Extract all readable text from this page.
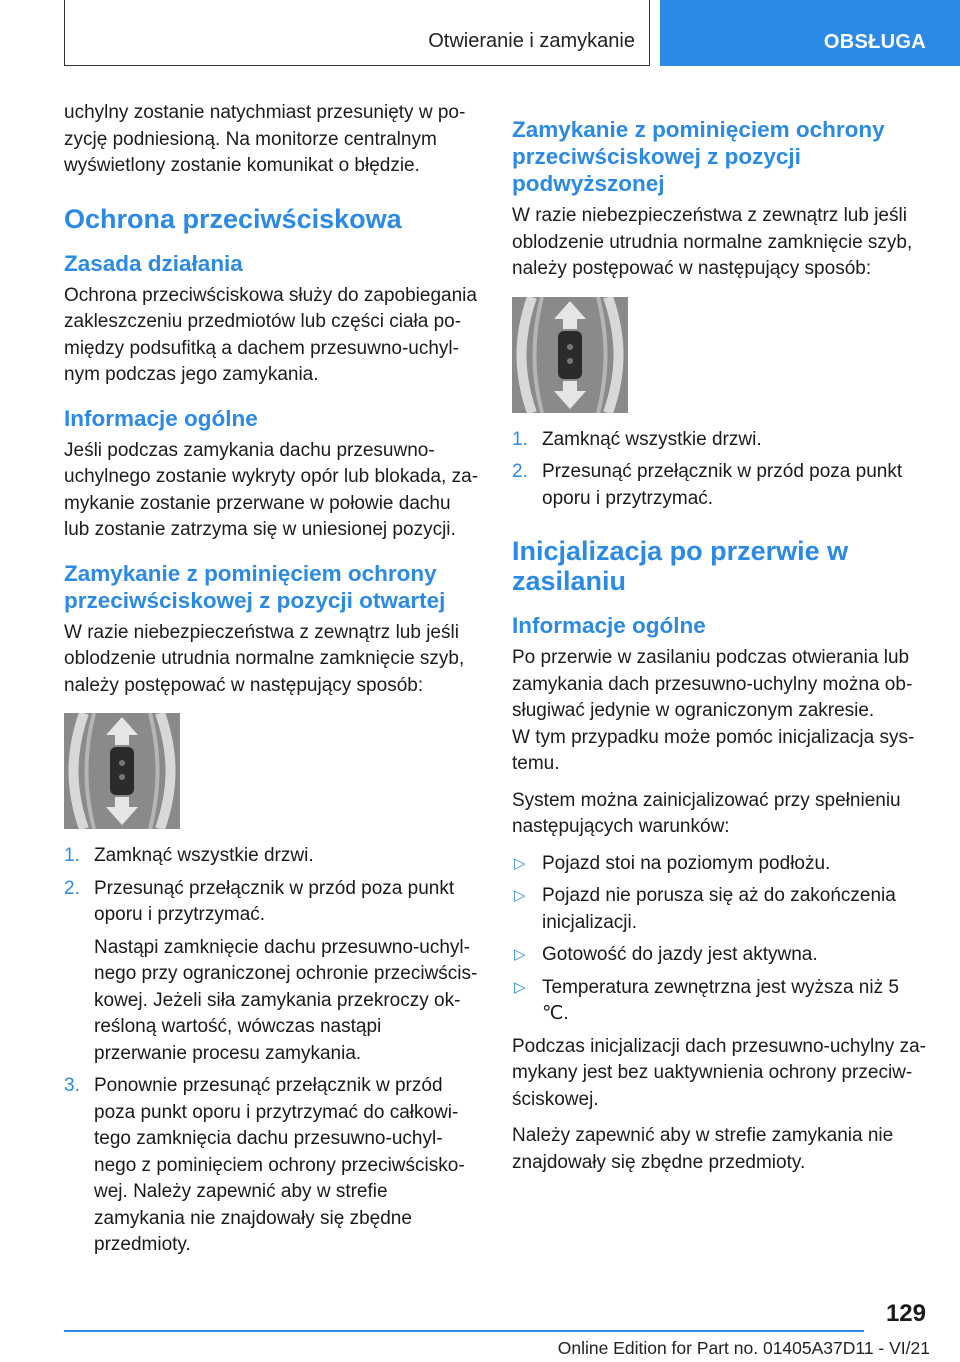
Otwieranie i zamykanie	OBSŁUGA

uchylny zostanie natychmiast przesunięty w pozycję podniesioną. Na monitorze centralnym wyświetlony zostanie komunikat o błędzie.

Ochrona przeciwściskowa
Zasada działania

Ochrona przeciwściskowa służy do zapobiegania zakleszczeniu przedmiotów lub części ciała pomiędzy podsufitką a dachem przesuwno-uchylnym podczas jego zamykania.

Informacje ogólne

Jeśli podczas zamykania dachu przesuwno-uchylnego zostanie wykryty opór lub blokada, zamykanie zostanie przerwane w połowie dachu lub zostanie zatrzyma się w uniesionej pozycji.

Zamykanie z pominięciem ochrony przeciwściskowej z pozycji otwartej

W razie niebezpieczeństwa z zewnątrz lub jeśli oblodzenie utrudnia normalne zamknięcie szyb, należy postępować w następujący sposób:

1. Zamknąć wszystkie drzwi.
2. Przesunąć przełącznik w przód poza punkt oporu i przytrzymać.
Nastąpi zamknięcie dachu przesuwno-uchylnego przy ograniczonej ochronie przeciwściskowej. Jeżeli siła zamykania przekroczy określoną wartość, wówczas nastąpi przerwanie procesu zamykania.
3. Ponownie przesunąć przełącznik w przód poza punkt oporu i przytrzymać do całkowitego zamknięcia dachu przesuwno-uchylnego z pominięciem ochrony przeciwściskowej. Należy zapewnić aby w strefie zamykania nie znajdowały się zbędne przedmioty.
Zamykanie z pominięciem ochrony przeciwściskowej z pozycji podwyższonej

W razie niebezpieczeństwa z zewnątrz lub jeśli oblodzenie utrudnia normalne zamknięcie szyb, należy postępować w następujący sposób:

1. Zamknąć wszystkie drzwi.
2. Przesunąć przełącznik w przód poza punkt oporu i przytrzymać.
Inicjalizacja po przerwie w zasilaniu
Informacje ogólne

Po przerwie w zasilaniu podczas otwierania lub zamykania dach przesuwno-uchylny można obsługiwać jedynie w ograniczonym zakresie.

W tym przypadku może pomóc inicjalizacja systemu.

System można zainicjalizować przy spełnieniu następujących warunków:

▷ Pojazd stoi na poziomym podłożu.
▷ Pojazd nie porusza się aż do zakończenia inicjalizacji.
▷ Gotowość do jazdy jest aktywna.
▷ Temperatura zewnętrzna jest wyższa niż 5 ℃.

Podczas inicjalizacji dach przesuwno-uchylny zamykany jest bez uaktywnienia ochrony przeciwściskowej.

Należy zapewnić aby w strefie zamykania nie znajdowały się zbędne przedmioty.

129
Online Edition for Part no. 01405A37D11 - VI/21
